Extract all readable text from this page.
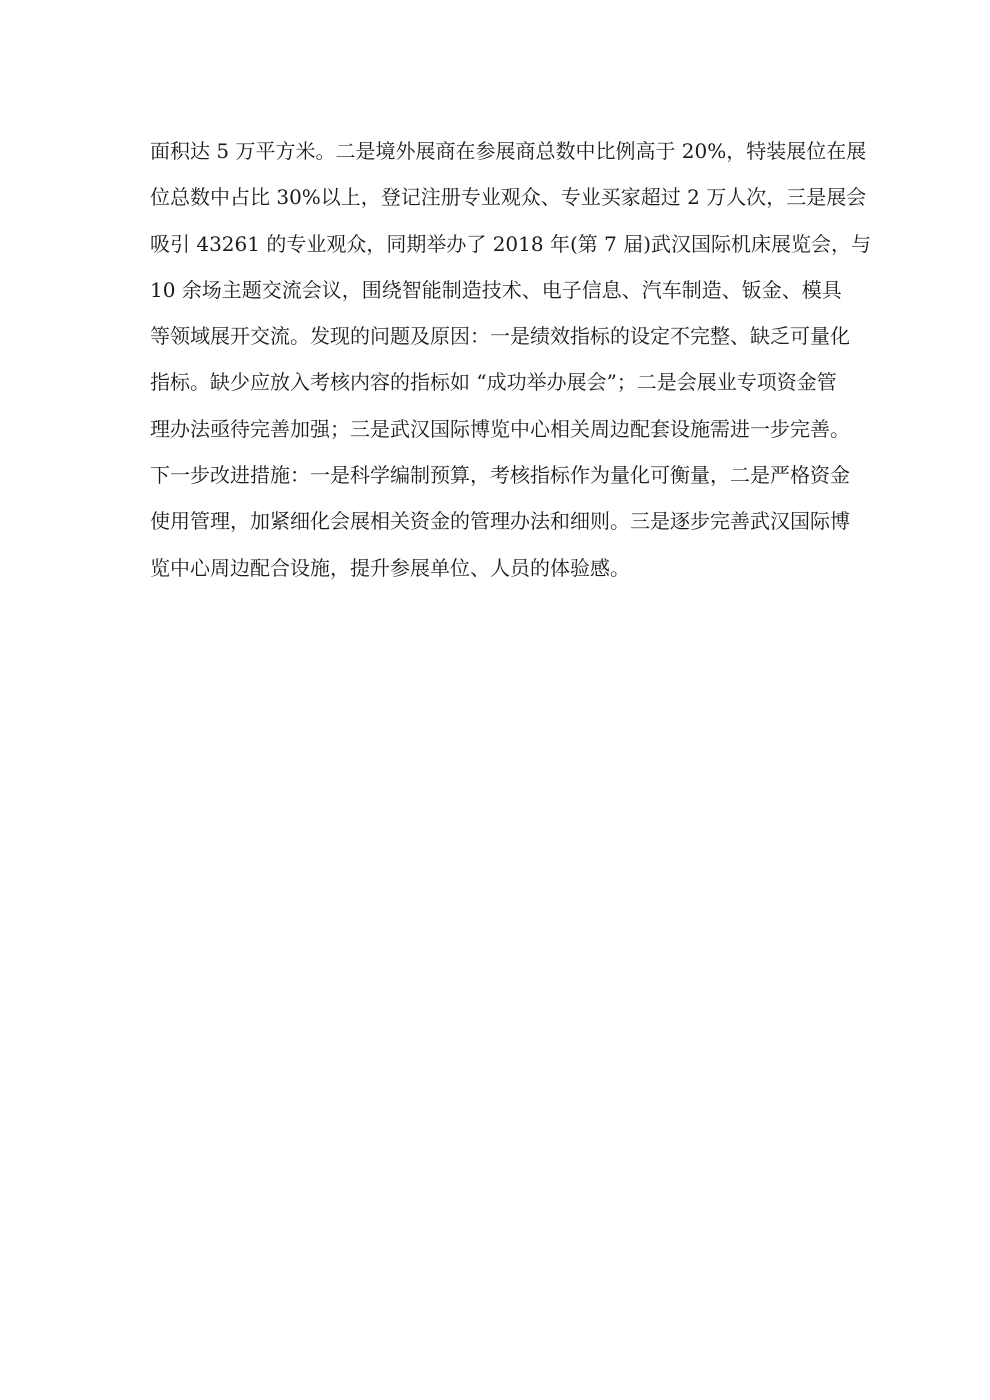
面积达 5 万平方米。二是境外展商在参展商总数中比例高于 20%，特装展位在展
位总数中占比 30%以上，登记注册专业观众、专业买家超过 2 万人次，三是展会
吸引 43261 的专业观众，同期举办了 2018 年(第 7 届)武汉国际机床展览会，与
10 余场主题交流会议，围绕智能制造技术、电子信息、汽车制造、钣金、模具
等领域展开交流。发现的问题及原因：一是绩效指标的设定不完整、缺乏可量化
指标。缺少应放入考核内容的指标如 “成功举办展会”；二是会展业专项资金管
理办法亟待完善加强；三是武汉国际博览中心相关周边配套设施需进一步完善。
下一步改进措施：一是科学编制预算，考核指标作为量化可衡量，二是严格资金
使用管理，加紧细化会展相关资金的管理办法和细则。三是逐步完善武汉国际博
览中心周边配合设施，提升参展单位、人员的体验感。
